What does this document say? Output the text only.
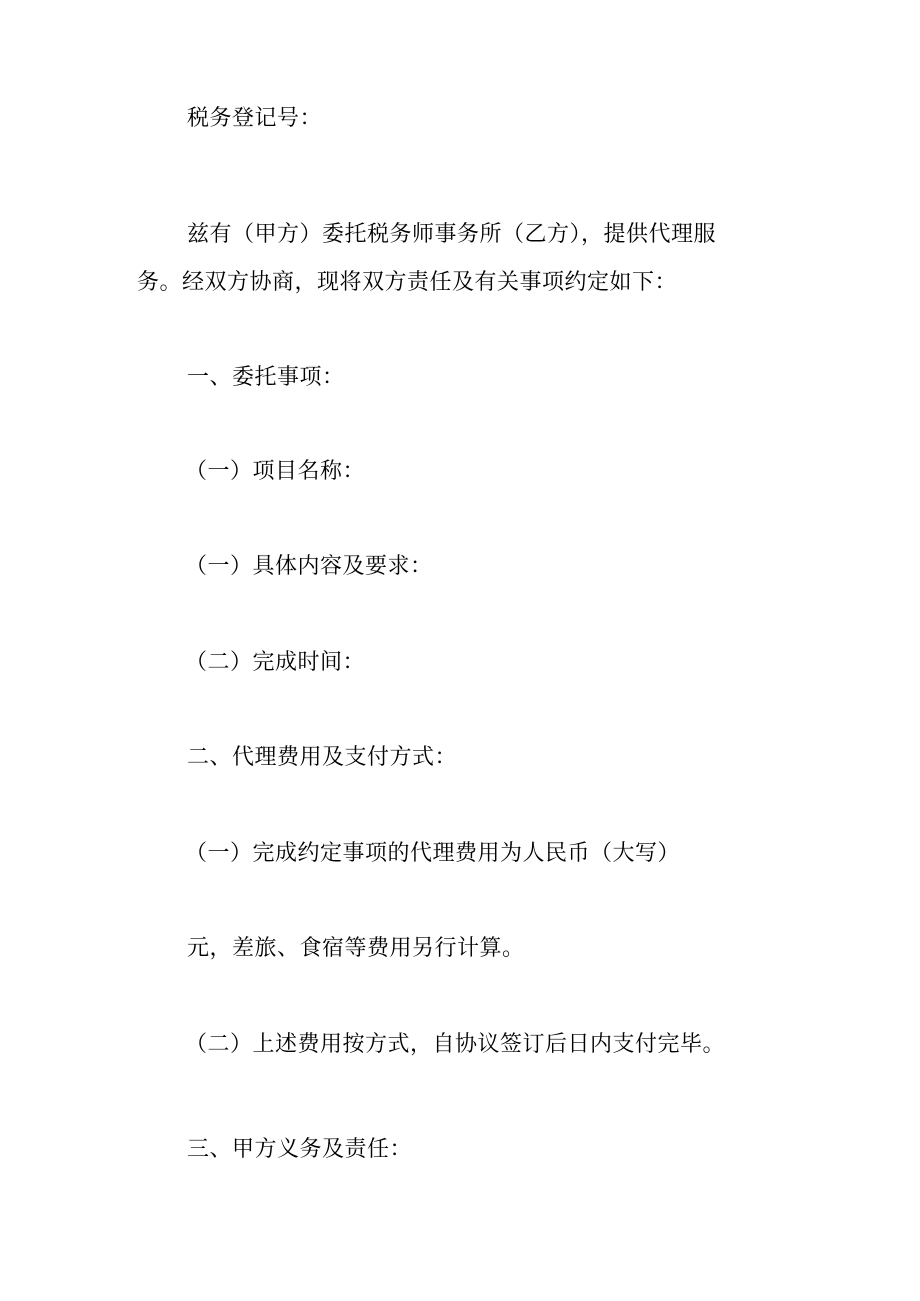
税务登记号：
兹有（甲方）委托税务师事务所（乙方），提供代理服
务。经双方协商，现将双方责任及有关事项约定如下：
一、委托事项：
（一）项目名称：
（一）具体内容及要求：
（二）完成时间：
二、代理费用及支付方式：
（一）完成约定事项的代理费用为人民币（大写）
元，差旅、食宿等费用另行计算。
（二）上述费用按方式，自协议签订后日内支付完毕。
三、甲方义务及责任：
